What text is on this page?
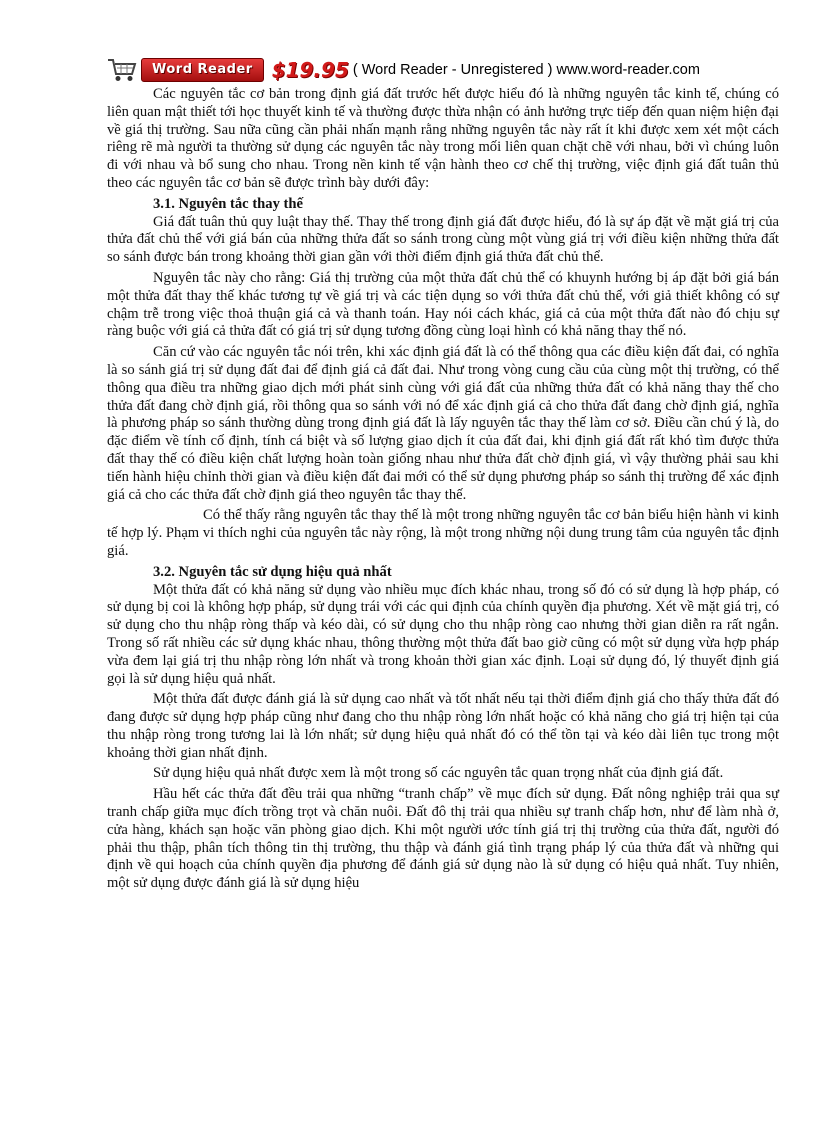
Word Reader $19.95 ( Word Reader - Unregistered ) www.word-reader.com

Các nguyên tắc cơ bản trong định giá đất trước hết được hiểu đó là những nguyên tắc kinh tế, chúng có liên quan mật thiết tới học thuyết kinh tế và thường được thừa nhận có ảnh hưởng trực tiếp đến quan niệm hiện đại về giá thị trường. Sau nữa cũng cần phải nhấn mạnh rằng những nguyên tắc này rất ít khi được xem xét một cách riêng rẽ mà người ta thường sử dụng các nguyên tắc này trong mối liên quan chặt chẽ với nhau, bởi vì chúng luôn đi với nhau và bổ sung cho nhau. Trong nền kinh tế vận hành theo cơ chế thị trường, việc định giá đất tuân thủ theo các nguyên tắc cơ bản sẽ được trình bày dưới đây:

3.1. Nguyên tắc thay thế

Giá đất tuân thủ quy luật thay thế. Thay thế trong định giá đất được hiểu, đó là sự áp đặt về mặt giá trị của thửa đất chủ thể với giá bán của những thửa đất so sánh trong cùng một vùng giá trị với điều kiện những thửa đất so sánh được bán trong khoảng thời gian gần với thời điểm định giá thửa đất chủ thể.

Nguyên tắc này cho rằng: Giá thị trường của một thửa đất chủ thể có khuynh hướng bị áp đặt bởi giá bán một thửa đất thay thế khác tương tự về giá trị và các tiện dụng so với thửa đất chủ thể, với giả thiết không có sự chậm trễ trong việc thoả thuận giá cả và thanh toán. Hay nói cách khác, giá cả của một thửa đất nào đó chịu sự ràng buộc với giá cả thửa đất có giá trị sử dụng tương đồng cùng loại hình có khả năng thay thế nó.

Căn cứ vào các nguyên tắc nói trên, khi xác định giá đất là có thể thông qua các điều kiện đất đai, có nghĩa là so sánh giá trị sử dụng đất đai để định giá cả đất đai. Như trong vòng cung cầu của cùng một thị trường, có thể thông qua điều tra những giao dịch mới phát sinh cùng với giá đất của những thửa đất có khả năng thay thế cho thửa đất đang chờ định giá, rồi thông qua so sánh với nó để xác định giá cả cho thửa đất đang chờ định giá, nghĩa là phương pháp so sánh thường dùng trong định giá đất là lấy nguyên tắc thay thế làm cơ sở. Điều cần chú ý là, do đặc điểm về tính cố định, tính cá biệt và số lượng giao dịch ít của đất đai, khi định giá đất rất khó tìm được thửa đất thay thế có điều kiện chất lượng hoàn toàn giống nhau như thửa đất chờ định giá, vì vậy thường phải sau khi tiến hành hiệu chỉnh thời gian và điều kiện đất đai mới có thể sử dụng phương pháp so sánh thị trường để xác định giá cả cho các thửa đất chờ định giá theo nguyên tắc thay thế.

Có thể thấy rằng nguyên tắc thay thế là một trong những nguyên tắc cơ bản biểu hiện hành vi kinh tế hợp lý. Phạm vi thích nghi của nguyên tắc này rộng, là một trong những nội dung trung tâm của nguyên tắc định giá.

3.2. Nguyên tắc sử dụng hiệu quả nhất

Một thửa đất có khả năng sử dụng vào nhiều mục đích khác nhau, trong số đó có sử dụng là hợp pháp, có sử dụng bị coi là không hợp pháp, sử dụng trái với các qui định của chính quyền địa phương. Xét về mặt giá trị, có sử dụng cho thu nhập ròng thấp và kéo dài, có sử dụng cho thu nhập ròng cao nhưng thời gian diễn ra rất ngắn. Trong số rất nhiều các sử dụng khác nhau, thông thường một thửa đất bao giờ cũng có một sử dụng vừa hợp pháp vừa đem lại giá trị thu nhập ròng lớn nhất và trong khoản thời gian xác định. Loại sử dụng đó, lý thuyết định giá gọi là sử dụng hiệu quả nhất.

Một thửa đất được đánh giá là sử dụng cao nhất và tốt nhất nếu tại thời điểm định giá cho thấy thửa đất đó đang được sử dụng hợp pháp cũng như đang cho thu nhập ròng lớn nhất hoặc có khả năng cho giá trị hiện tại của thu nhập ròng trong tương lai là lớn nhất; sử dụng hiệu quả nhất đó có thể tồn tại và kéo dài liên tục trong một khoảng thời gian nhất định.

Sử dụng hiệu quả nhất được xem là một trong số các nguyên tắc quan trọng nhất của định giá đất.

Hầu hết các thửa đất đều trải qua những “tranh chấp” về mục đích sử dụng. Đất nông nghiệp trải qua sự tranh chấp giữa mục đích trồng trọt và chăn nuôi. Đất đô thị trải qua nhiều sự tranh chấp hơn, như để làm nhà ở, cửa hàng, khách sạn hoặc văn phòng giao dịch. Khi một người ước tính giá trị thị trường của thửa đất, người đó phải thu thập, phân tích thông tin thị trường, thu thập và đánh giá tình trạng pháp lý của thửa đất và những qui định về qui hoạch của chính quyền địa phương để đánh giá sử dụng nào là sử dụng có hiệu quả nhất. Tuy nhiên, một sử dụng được đánh giá là sử dụng hiệu
